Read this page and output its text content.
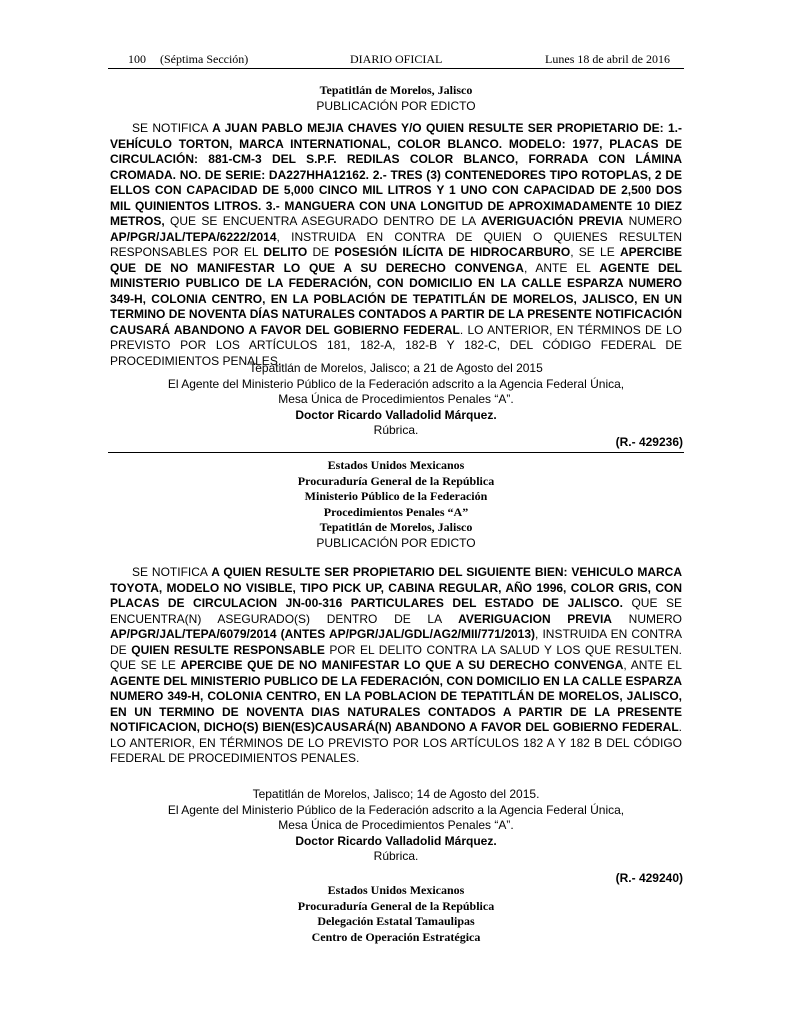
100 (Séptima Sección)	DIARIO OFICIAL	Lunes 18 de abril de 2016
Tepatitlán de Morelos, Jalisco
PUBLICACIÓN POR EDICTO

SE NOTIFICA A JUAN PABLO MEJIA CHAVES Y/O QUIEN RESULTE SER PROPIETARIO DE: 1.- VEHÍCULO TORTON, MARCA INTERNATIONAL, COLOR BLANCO. MODELO: 1977, PLACAS DE CIRCULACIÓN: 881-CM-3 DEL S.P.F. REDILAS COLOR BLANCO, FORRADA CON LÁMINA CROMADA. NO. DE SERIE: DA227HHA12162. 2.- TRES (3) CONTENEDORES TIPO ROTOPLAS, 2 DE ELLOS CON CAPACIDAD DE 5,000 CINCO MIL LITROS Y 1 UNO CON CAPACIDAD DE 2,500 DOS MIL QUINIENTOS LITROS. 3.- MANGUERA CON UNA LONGITUD DE APROXIMADAMENTE 10 DIEZ METROS, QUE SE ENCUENTRA ASEGURADO DENTRO DE LA AVERIGUACIÓN PREVIA NUMERO AP/PGR/JAL/TEPA/6222/2014, INSTRUIDA EN CONTRA DE QUIEN O QUIENES RESULTEN RESPONSABLES POR EL DELITO DE POSESIÓN ILÍCITA DE HIDROCARBURO, SE LE APERCIBE QUE DE NO MANIFESTAR LO QUE A SU DERECHO CONVENGA, ANTE EL AGENTE DEL MINISTERIO PUBLICO DE LA FEDERACIÓN, CON DOMICILIO EN LA CALLE ESPARZA NUMERO 349-H, COLONIA CENTRO, EN LA POBLACIÓN DE TEPATITLÁN DE MORELOS, JALISCO, EN UN TERMINO DE NOVENTA DÍAS NATURALES CONTADOS A PARTIR DE LA PRESENTE NOTIFICACIÓN CAUSARÁ ABANDONO A FAVOR DEL GOBIERNO FEDERAL. LO ANTERIOR, EN TÉRMINOS DE LO PREVISTO POR LOS ARTÍCULOS 181, 182-A, 182-B Y 182-C, DEL CÓDIGO FEDERAL DE PROCEDIMIENTOS PENALES.

Tepatitlán de Morelos, Jalisco; a 21 de Agosto del 2015
El Agente del Ministerio Público de la Federación adscrito a la Agencia Federal Única,
Mesa Única de Procedimientos Penales “A”.
Doctor Ricardo Valladolid Márquez.
Rúbrica.
(R.- 429236)
Estados Unidos Mexicanos
Procuraduría General de la República
Ministerio Público de la Federación
Procedimientos Penales “A”
Tepatitlán de Morelos, Jalisco
PUBLICACIÓN POR EDICTO

SE NOTIFICA A QUIEN RESULTE SER PROPIETARIO DEL SIGUIENTE BIEN: VEHICULO MARCA TOYOTA, MODELO NO VISIBLE, TIPO PICK UP, CABINA REGULAR, AÑO 1996, COLOR GRIS, CON PLACAS DE CIRCULACION JN-00-316 PARTICULARES DEL ESTADO DE JALISCO. QUE SE ENCUENTRA(N) ASEGURADO(S) DENTRO DE LA AVERIGUACION PREVIA NUMERO AP/PGR/JAL/TEPA/6079/2014 (ANTES AP/PGR/JAL/GDL/AG2/MII/771/2013), INSTRUIDA EN CONTRA DE QUIEN RESULTE RESPONSABLE POR EL DELITO CONTRA LA SALUD Y LOS QUE RESULTEN. QUE SE LE APERCIBE QUE DE NO MANIFESTAR LO QUE A SU DERECHO CONVENGA, ANTE EL AGENTE DEL MINISTERIO PUBLICO DE LA FEDERACIÓN, CON DOMICILIO EN LA CALLE ESPARZA NUMERO 349-H, COLONIA CENTRO, EN LA POBLACION DE TEPATITLÁN DE MORELOS, JALISCO, EN UN TERMINO DE NOVENTA DIAS NATURALES CONTADOS A PARTIR DE LA PRESENTE NOTIFICACION, DICHO(S) BIEN(ES)CAUSARÁ(N) ABANDONO A FAVOR DEL GOBIERNO FEDERAL. LO ANTERIOR, EN TÉRMINOS DE LO PREVISTO POR LOS ARTÍCULOS 182 A Y 182 B DEL CÓDIGO FEDERAL DE PROCEDIMIENTOS PENALES.

Tepatitlán de Morelos, Jalisco; 14 de Agosto del 2015.
El Agente del Ministerio Público de la Federación adscrito a la Agencia Federal Única,
Mesa Única de Procedimientos Penales “A”.
Doctor Ricardo Valladolid Márquez.
Rúbrica.
(R.- 429240)
Estados Unidos Mexicanos
Procuraduría General de la República
Delegación Estatal Tamaulipas
Centro de Operación Estratégica
